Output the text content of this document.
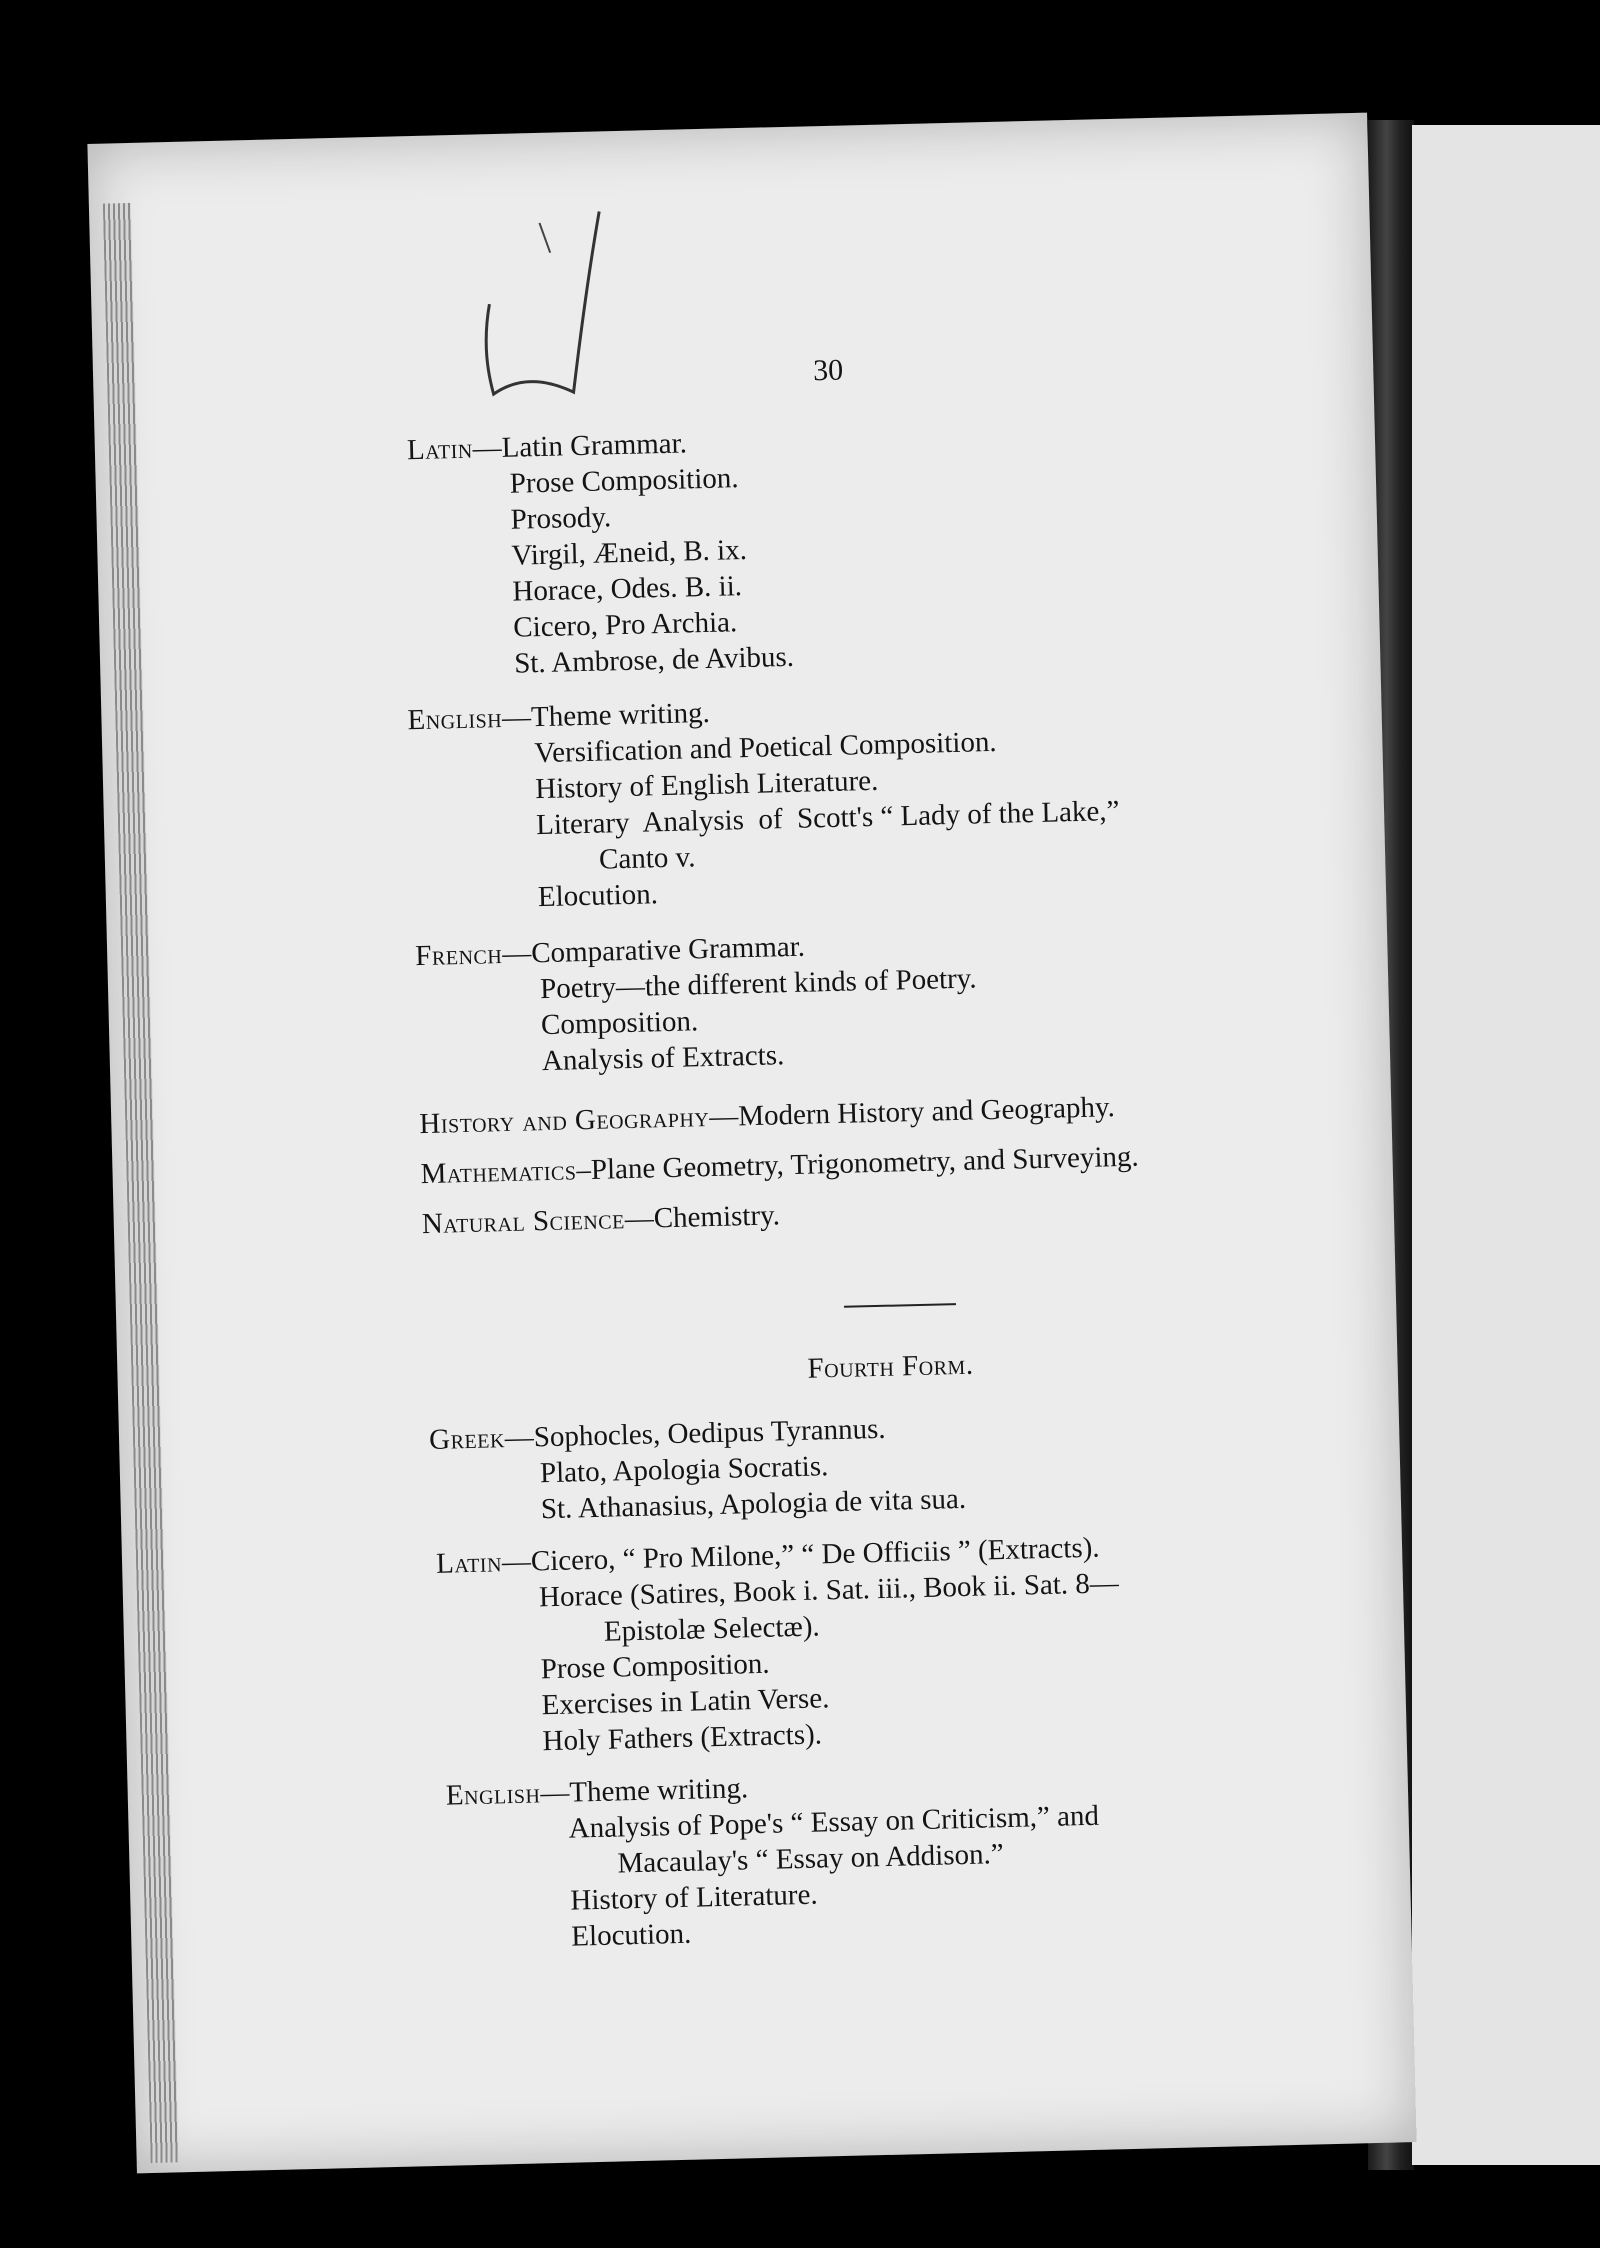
30
Latin—Latin Grammar.
Prose Composition.
Prosody.
Virgil, Æneid, B. ix.
Horace, Odes. B. ii.
Cicero, Pro Archia.
St. Ambrose, de Avibus.
English—Theme writing.
Versification and Poetical Composition.
History of English Literature.
Literary  Analysis  of  Scott's “ Lady of the Lake,”
Canto v.
Elocution.
French—Comparative Grammar.
Poetry—the different kinds of Poetry.
Composition.
Analysis of Extracts.
History and Geography—Modern History and Geography.
Mathematics–Plane Geometry, Trigonometry, and Surveying.
Natural Science—Chemistry.
Fourth Form.
Greek—Sophocles, Oedipus Tyrannus.
Plato, Apologia Socratis.
St. Athanasius, Apologia de vita sua.
Latin—Cicero, “ Pro Milone,” “ De Officiis ” (Extracts).
Horace (Satires, Book i. Sat. iii., Book ii. Sat. 8—
Epistolæ Selectæ).
Prose Composition.
Exercises in Latin Verse.
Holy Fathers (Extracts).
English—Theme writing.
Analysis of Pope's “ Essay on Criticism,” and
Macaulay's “ Essay on Addison.”
History of Literature.
Elocution.
